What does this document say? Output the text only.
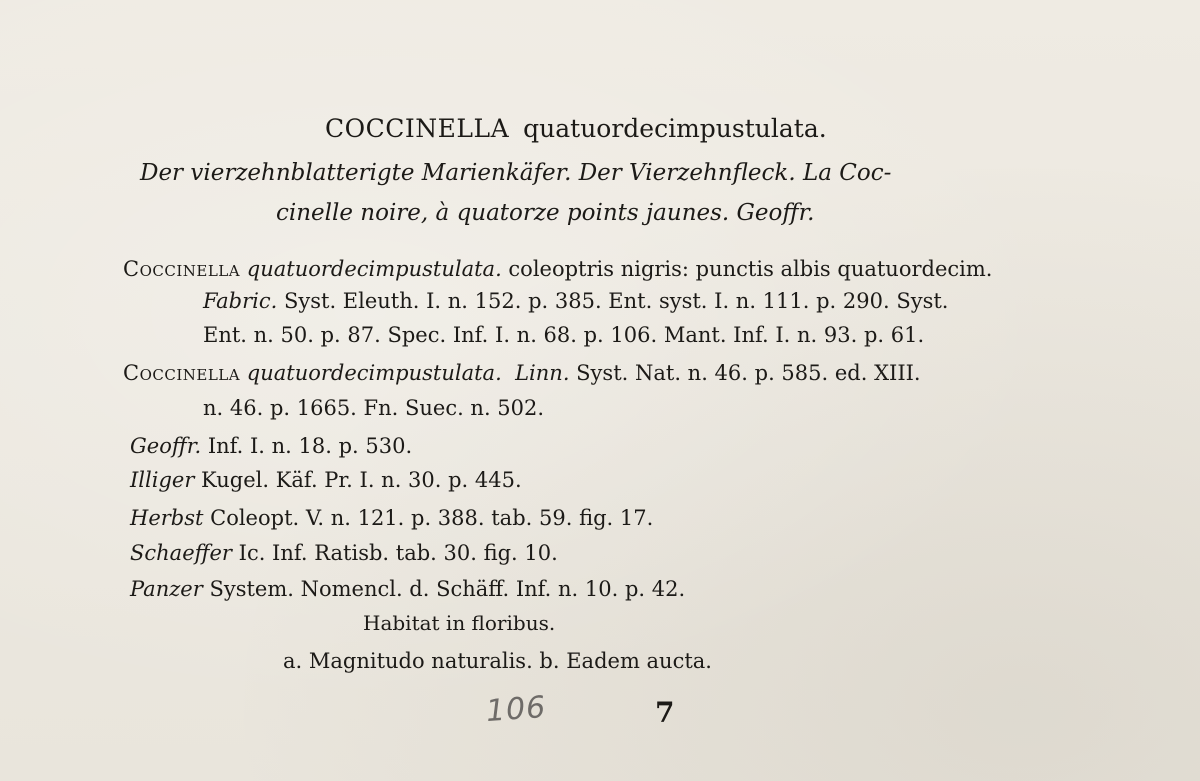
COCCINELLA quatuordecimpustulata.
Der vierzehnblatterigte Marienkäfer. Der Vierzehnfleck. La Coc-
cinelle noire, à quatorze points jaunes. Geoffr.
Coccinella quatuordecimpustulata. coleoptris nigris: punctis albis quatuordecim.
Fabric. Syst. Eleuth. I. n. 152. p. 385. Ent. syst. I. n. 111. p. 290. Syst.
Ent. n. 50. p. 87. Spec. Inf. I. n. 68. p. 106. Mant. Inf. I. n. 93. p. 61.
Coccinella quatuordecimpustulata. Linn. Syst. Nat. n. 46. p. 585. ed. XIII.
n. 46. p. 1665. Fn. Suec. n. 502.
Geoffr. Inf. I. n. 18. p. 530.
Illiger Kugel. Käf. Pr. I. n. 30. p. 445.
Herbst Coleopt. V. n. 121. p. 388. tab. 59. fig. 17.
Schaeffer Ic. Inf. Ratisb. tab. 30. fig. 10.
Panzer System. Nomencl. d. Schäff. Inf. n. 10. p. 42.
Habitat in floribus.
a. Magnitudo naturalis. b. Eadem aucta.
106	7
